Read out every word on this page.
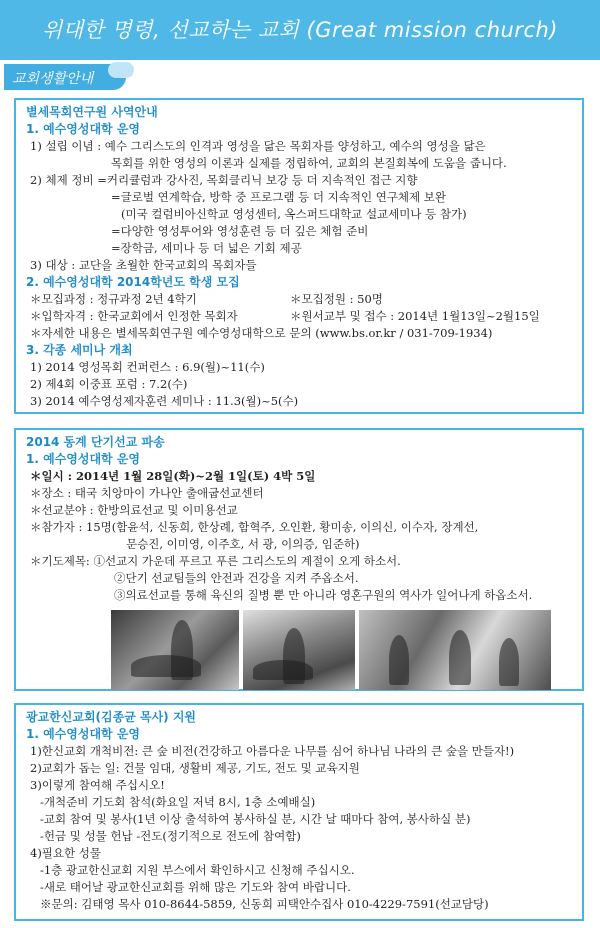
위대한 명령, 선교하는 교회 (Great mission church)
교회생활안내
별세목회연구원 사역안내
1. 예수영성대학 운영
1) 설립 이념 : 예수 그리스도의 인격과 영성을 닮은 목회자를 양성하고, 예수의 영성을 닮은
목회를 위한 영성의 이론과 실제를 정립하여, 교회의 본질회복에 도움을 줍니다.
2) 체제 정비 =커리큘럼과 강사진, 목회클리닉 보강 등 더 지속적인 접근 지향
=글로벌 연계학습, 방학 중 프로그램 등 더 지속적인 연구체제 보완
(미국 컬럼비아신학교 영성센터, 옥스퍼드대학교 설교세미나 등 참가)
=다양한 영성투어와 영성훈련 등 더 깊은 체험 준비
=장학금, 세미나 등 더 넓은 기회 제공
3) 대상 : 교단을 초월한 한국교회의 목회자들
2. 예수영성대학 2014학년도 학생 모집
＊모집과정 : 정규과정 2년 4학기	＊모집정원 : 50명
＊입학자격 : 한국교회에서 인정한 목회자	＊원서교부 및 접수 : 2014년 1월13일~2월15일
＊자세한 내용은 별세목회연구원 예수영성대학으로 문의 (www.bs.or.kr / 031-709-1934)
3. 각종 세미나 개최
1) 2014 영성목회 컨퍼런스 : 6.9(월)~11(수)
2) 제4회 이중표 포럼 : 7.2(수)
3) 2014 예수영성제자훈련 세미나 : 11.3(월)~5(수)
2014 동계 단기선교 파송
1. 예수영성대학 운영
＊일시 : 2014년 1월 28일(화)~2월 1일(토) 4박 5일
＊장소 : 태국 치앙마이 가나안 출애굽선교센터
＊선교분야 : 한방의료선교 및 이미용선교
＊참가자 : 15명(함윤석, 신동희, 한상례, 함혁주, 오인환, 황미송, 이의신, 이수자, 장계선,
문승진, 이미영, 이주호, 서 광, 이의증, 임준하)
＊기도제목: ①선교지 가운데 푸르고 푸른 그리스도의 계절이 오게 하소서.
②단기 선교팀들의 안전과 건강을 지켜 주옵소서.
③의료선교를 통해 육신의 질병 뿐 만 아니라 영혼구원의 역사가 일어나게 하옵소서.
광교한신교회(김종균 목사) 지원
1. 예수영성대학 운영
1)한신교회 개척비전: 큰 숲 비전(건강하고 아름다운 나무를 심어 하나님 나라의 큰 숲을 만들자!)
2)교회가 돕는 일: 건물 임대, 생활비 제공, 기도, 전도 및 교육지원
3)이렇게 참여해 주십시오!
-개척준비 기도회 참석(화요일 저녁 8시, 1층 소예배실)
-교회 참여 및 봉사(1년 이상 출석하여 봉사하실 분, 시간 날 때마다 참여, 봉사하실 분)
-헌금 및 성물 헌납 -전도(정기적으로 전도에 참여함)
4)필요한 성물
-1층 광교한신교회 지원 부스에서 확인하시고 신청해 주십시오.
-새로 태어날 광교한신교회를 위해 많은 기도와 참여 바랍니다.
※문의: 김태영 목사 010-8644-5859, 신동희 피택안수집사 010-4229-7591(선교담당)
